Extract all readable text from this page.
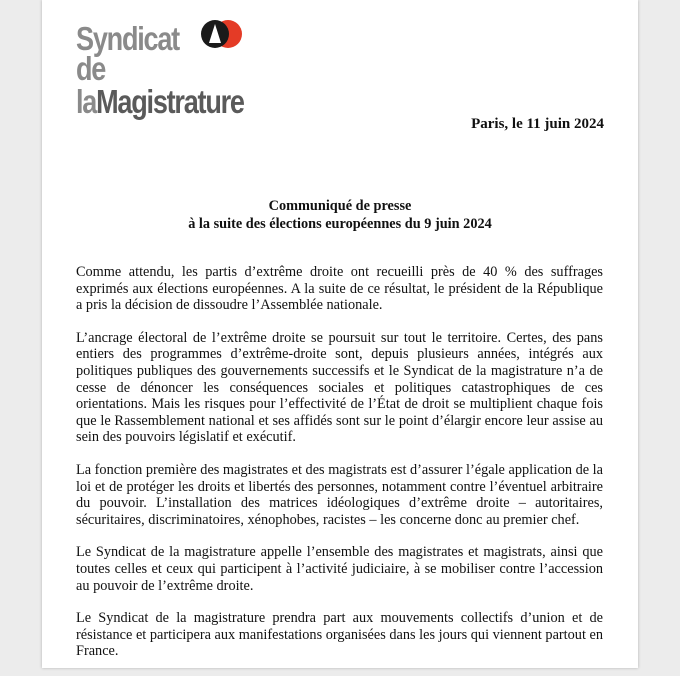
Syndicat
de laMagistrature
Paris, le 11 juin 2024
Communiqué de presse
à la suite des élections européennes du 9 juin 2024

Comme attendu, les partis d’extrême droite ont recueilli près de 40 % des suffrages exprimés aux élections européennes. A la suite de ce résultat, le président de la République a pris la décision de dissoudre l’Assemblée nationale.

L’ancrage électoral de l’extrême droite se poursuit sur tout le territoire. Certes, des pans entiers des programmes d’extrême-droite sont, depuis plusieurs années, intégrés aux politiques publiques des gouvernements successifs et le Syndicat de la magistrature n’a de cesse de dénoncer les conséquences sociales et politiques catastrophiques de ces orientations. Mais les risques pour l’effectivité de l’État de droit se multiplient chaque fois que le Rassemblement national et ses affidés sont sur le point d’élargir encore leur assise au sein des pouvoirs législatif et exécutif.

La fonction première des magistrates et des magistrats est d’assurer l’égale application de la loi et de protéger les droits et libertés des personnes, notamment contre l’éventuel arbitraire du pouvoir. L’installation des matrices idéologiques d’extrême droite – autoritaires, sécuritaires, discriminatoires, xénophobes, racistes – les concerne donc au premier chef.

Le Syndicat de la magistrature appelle l’ensemble des magistrates et magistrats, ainsi que toutes celles et ceux qui participent à l’activité judiciaire, à se mobiliser contre l’accession au pouvoir de l’extrême droite.

Le Syndicat de la magistrature prendra part aux mouvements collectifs d’union et de résistance et participera aux manifestations organisées dans les jours qui viennent partout en France.
